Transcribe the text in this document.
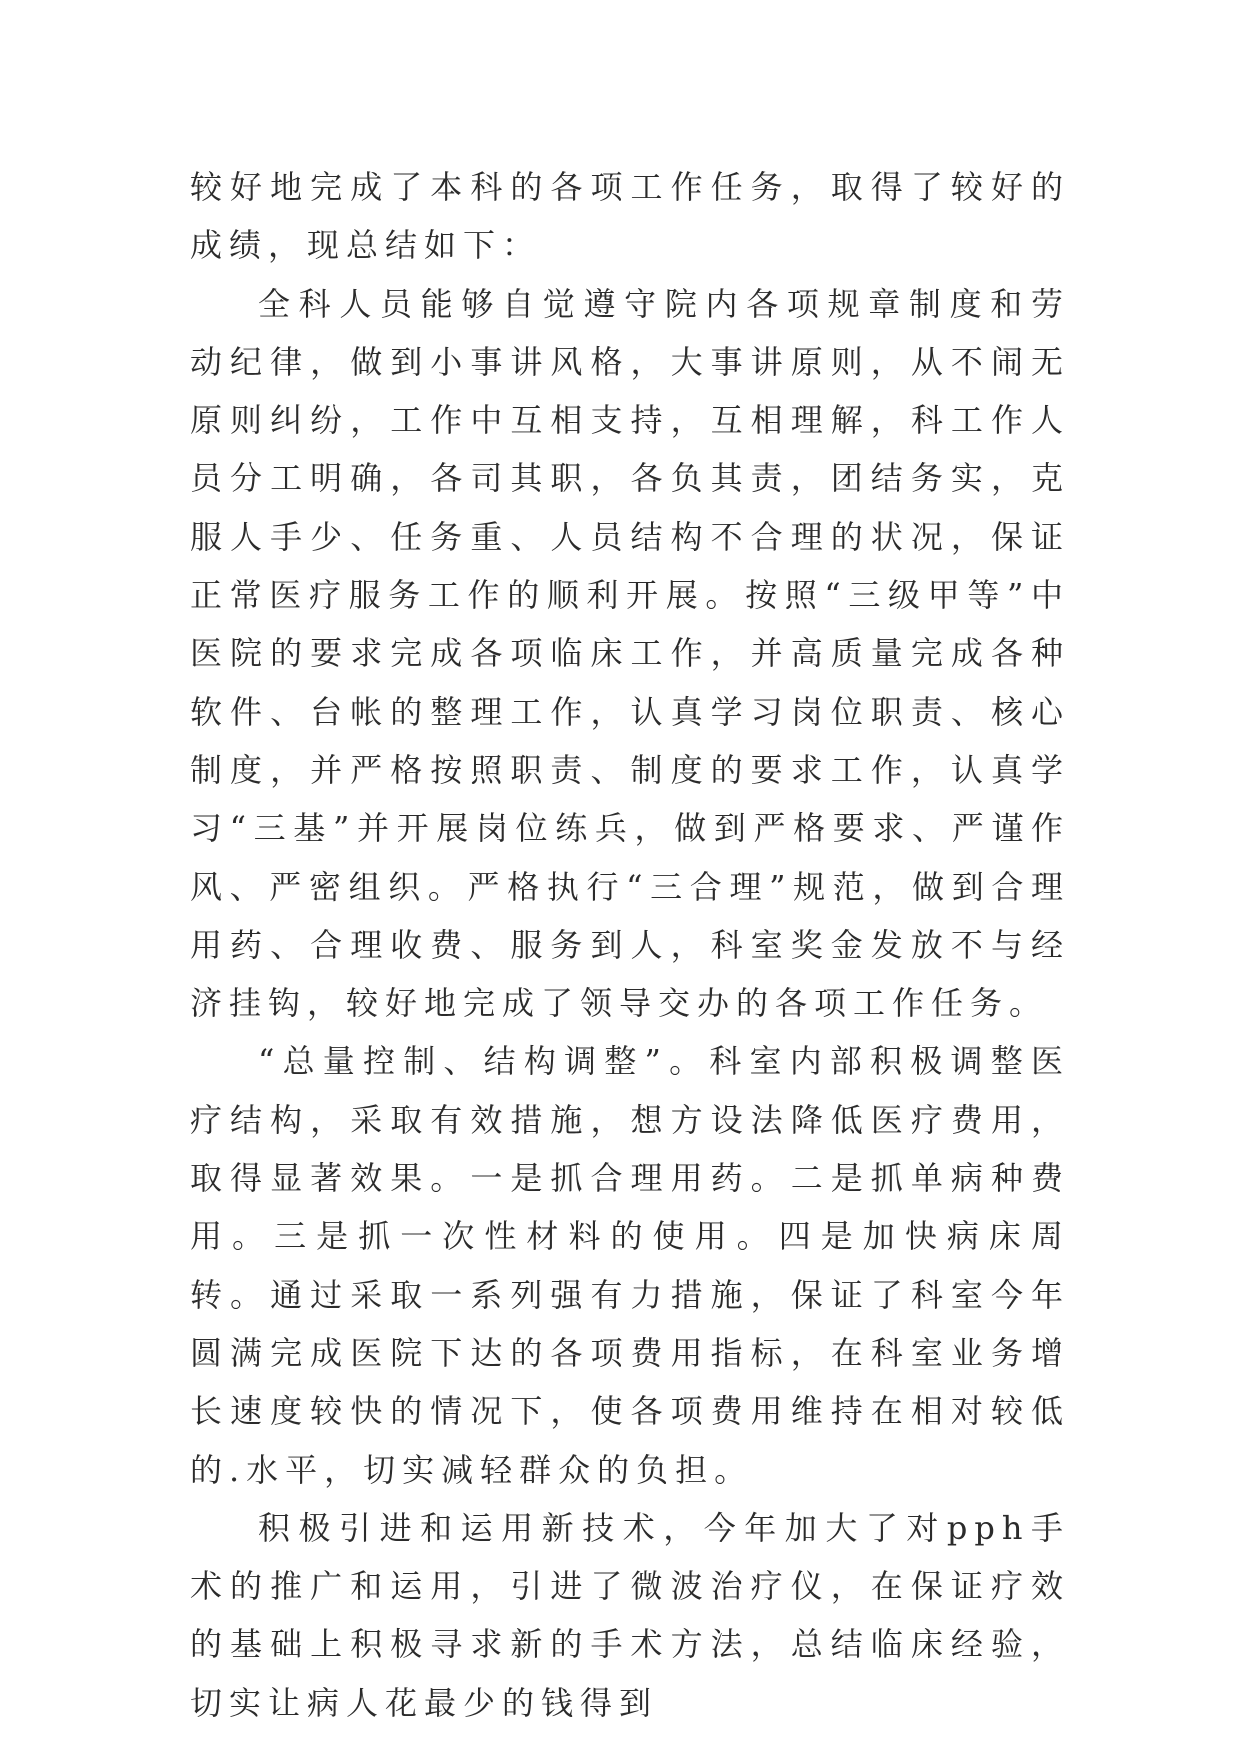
较好地完成了本科的各项工作任务，取得了较好的成绩，现总结如下：

全科人员能够自觉遵守院内各项规章制度和劳动纪律，做到小事讲风格，大事讲原则，从不闹无原则纠纷，工作中互相支持，互相理解，科工作人员分工明确，各司其职，各负其责，团结务实，克服人手少、任务重、人员结构不合理的状况，保证正常医疗服务工作的顺利开展。按照“三级甲等”中医院的要求完成各项临床工作，并高质量完成各种软件、台帐的整理工作，认真学习岗位职责、核心制度，并严格按照职责、制度的要求工作，认真学习“三基”并开展岗位练兵，做到严格要求、严谨作风、严密组织。严格执行“三合理”规范，做到合理用药、合理收费、服务到人，科室奖金发放不与经济挂钩，较好地完成了领导交办的各项工作任务。

“总量控制、结构调整”。科室内部积极调整医疗结构，采取有效措施，想方设法降低医疗费用，取得显著效果。一是抓合理用药。二是抓单病种费用。三是抓一次性材料的使用。四是加快病床周转。通过采取一系列强有力措施，保证了科室今年圆满完成医院下达的各项费用指标，在科室业务增长速度较快的情况下，使各项费用维持在相对较低的.水平，切实减轻群众的负担。

积极引进和运用新技术，今年加大了对pph手术的推广和运用，引进了微波治疗仪，在保证疗效的基础上积极寻求新的手术方法，总结临床经验，切实让病人花最少的钱得到
